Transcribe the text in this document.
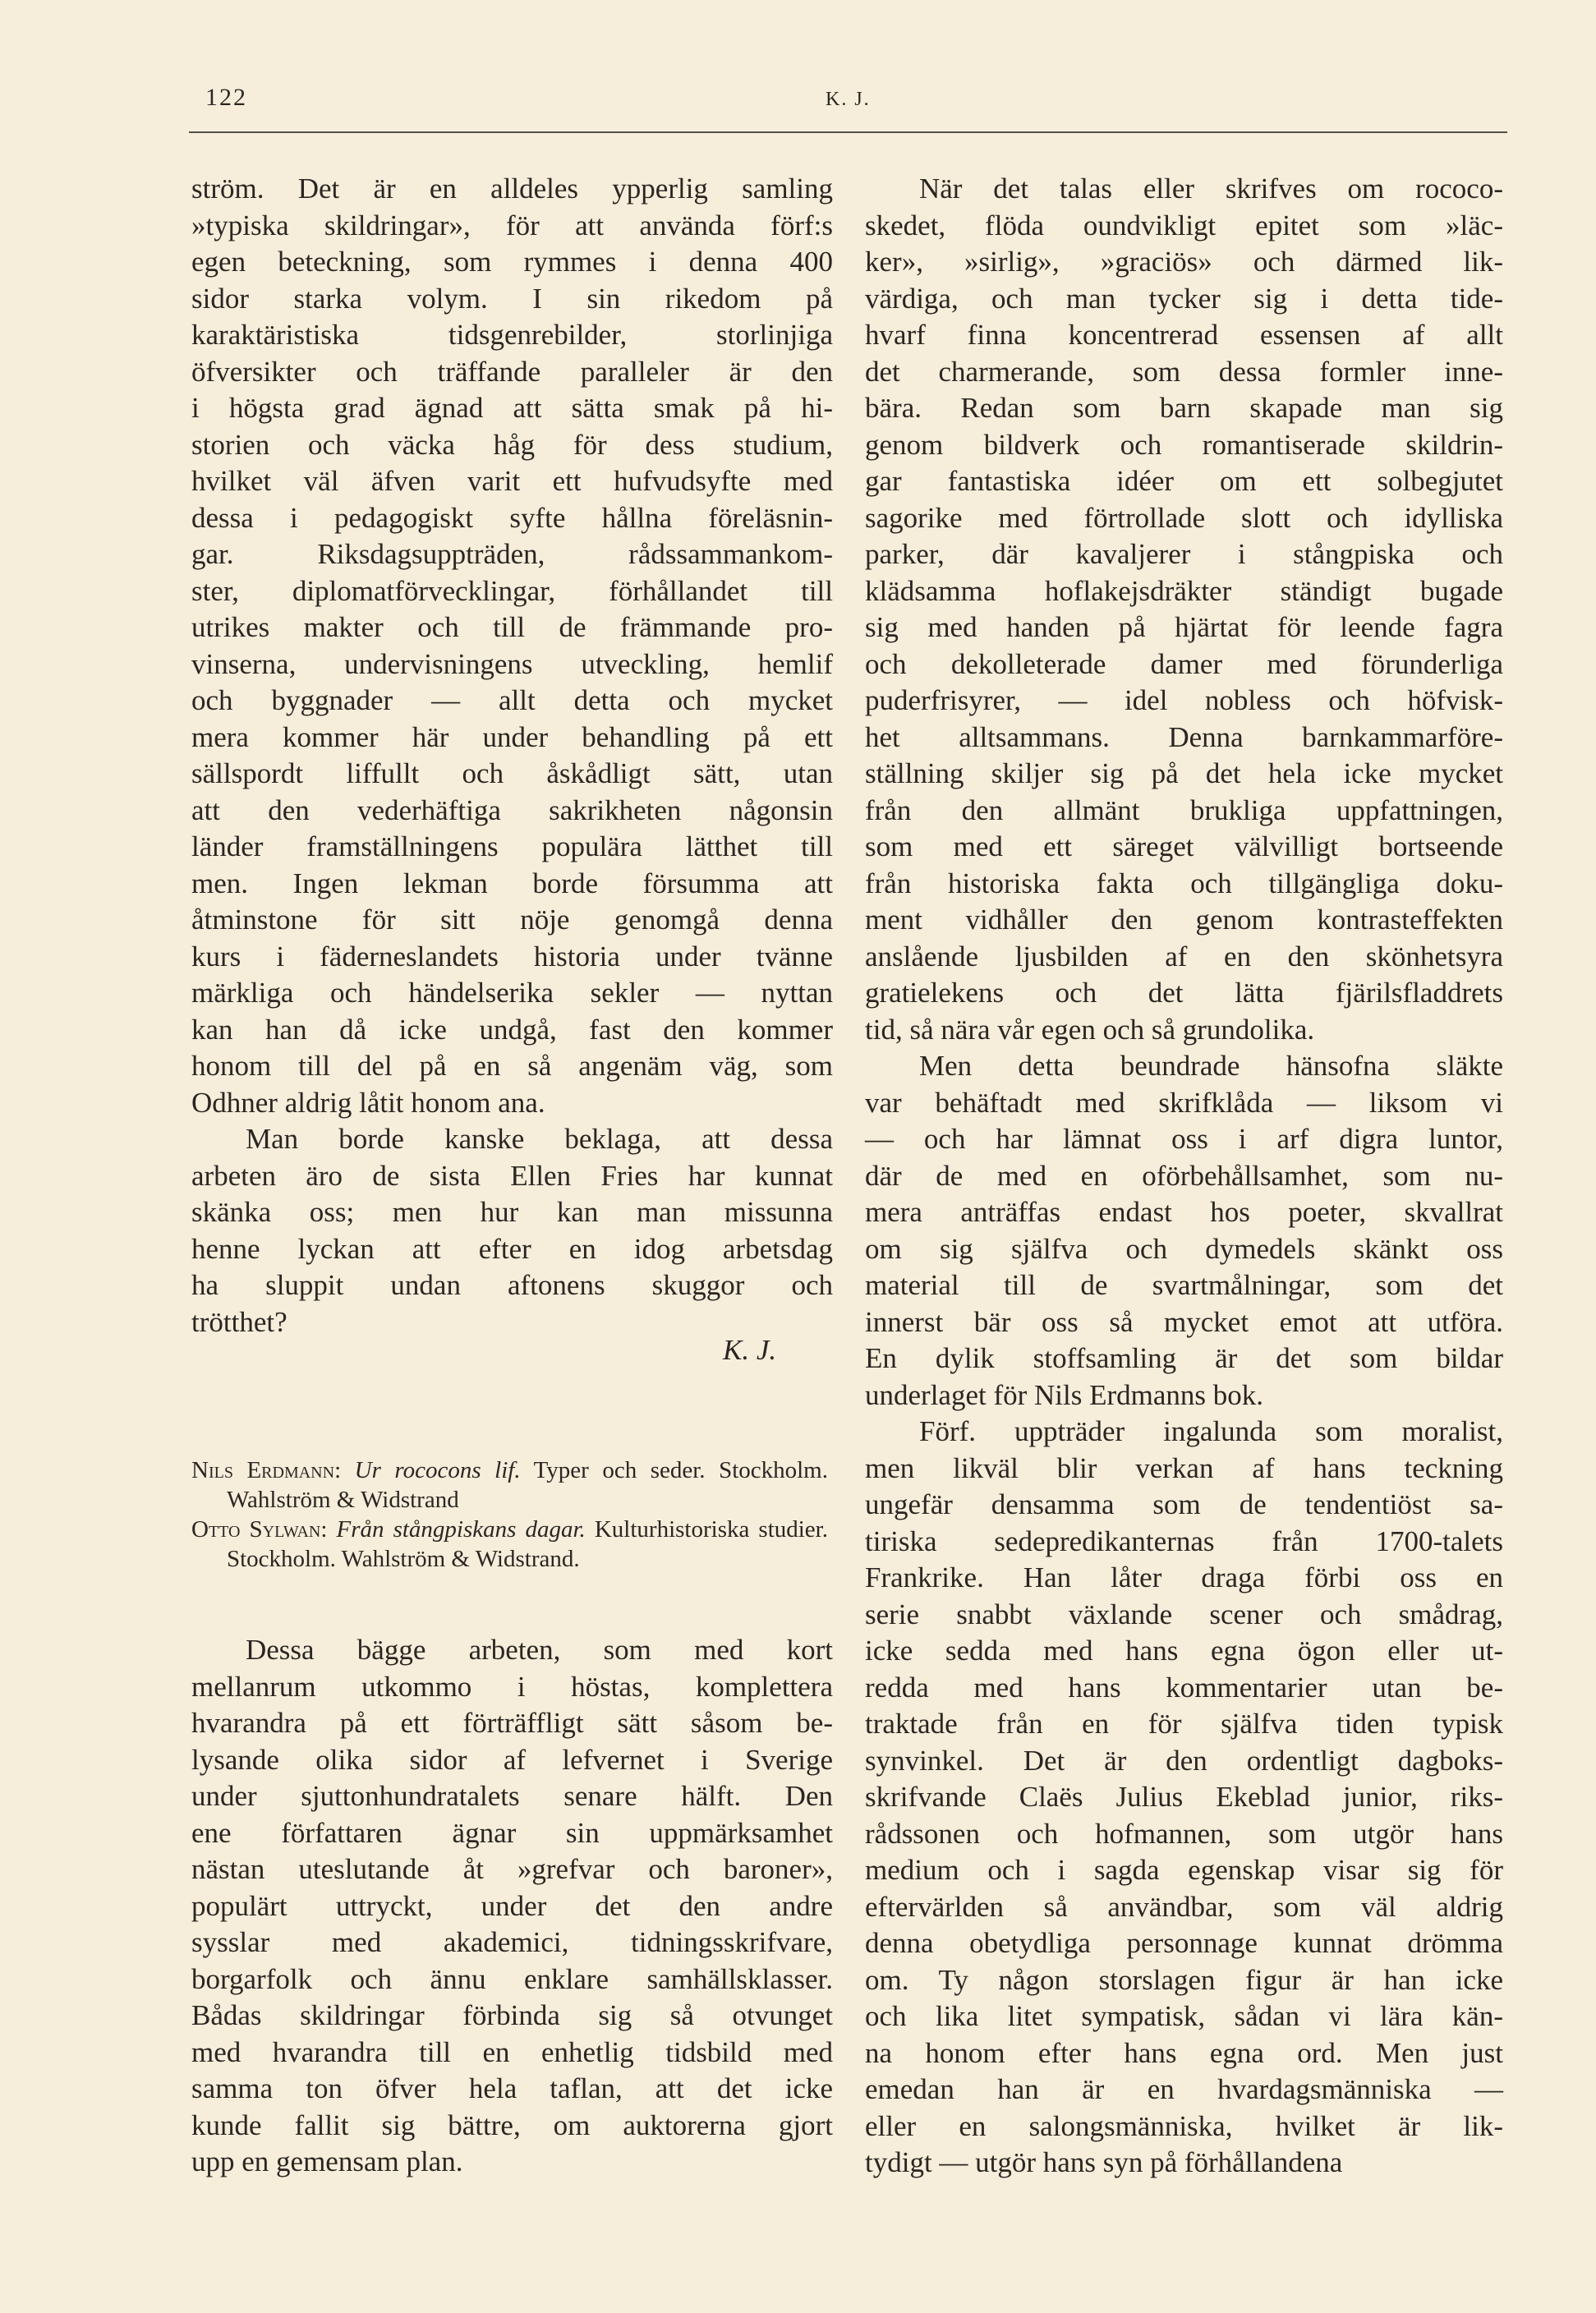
122	K. J.
ström. Det är en alldeles ypperlig samling
»typiska skildringar», för att använda förf:s
egen beteckning, som rymmes i denna 400
sidor starka volym. I sin rikedom på
karaktäristiska tidsgenrebilder, storlinjiga
öfversikter och träffande paralleler är den
i högsta grad ägnad att sätta smak på hi-
storien och väcka håg för dess studium,
hvilket väl äfven varit ett hufvudsyfte med
dessa i pedagogiskt syfte hållna föreläsnin-
gar. Riksdagsuppträden, rådssammankom-
ster, diplomatförvecklingar, förhållandet till
utrikes makter och till de främmande pro-
vinserna, undervisningens utveckling, hemlif
och byggnader — allt detta och mycket
mera kommer här under behandling på ett
sällspordt liffullt och åskådligt sätt, utan
att den vederhäftiga sakrikheten någonsin
länder framställningens populära lätthet till
men. Ingen lekman borde försumma att
åtminstone för sitt nöje genomgå denna
kurs i fäderneslandets historia under tvänne
märkliga och händelserika sekler — nyttan
kan han då icke undgå, fast den kommer
honom till del på en så angenäm väg, som
Odhner aldrig låtit honom ana.
Man borde kanske beklaga, att dessa
arbeten äro de sista Ellen Fries har kunnat
skänka oss; men hur kan man missunna
henne lyckan att efter en idog arbetsdag
ha sluppit undan aftonens skuggor och
trötthet?
K. J.
Nils Erdmann: Ur rococons lif. Typer och seder. Stockholm. Wahlström & Widstrand
Otto Sylwan: Från stångpiskans dagar. Kulturhistoriska studier. Stockholm. Wahlström & Widstrand.
Dessa bägge arbeten, som med kort
mellanrum utkommo i höstas, komplettera
hvarandra på ett förträffligt sätt såsom be-
lysande olika sidor af lefvernet i Sverige
under sjuttonhundratalets senare hälft. Den
ene författaren ägnar sin uppmärksamhet
nästan uteslutande åt »grefvar och baroner»,
populärt uttryckt, under det den andre
sysslar med akademici, tidningsskrifvare,
borgarfolk och ännu enklare samhällsklasser.
Bådas skildringar förbinda sig så otvunget
med hvarandra till en enhetlig tidsbild med
samma ton öfver hela taflan, att det icke
kunde fallit sig bättre, om auktorerna gjort
upp en gemensam plan.
När det talas eller skrifves om rococo-
skedet, flöda oundvikligt epitet som »läc-
ker», »sirlig», »graciös» och därmed lik-
värdiga, och man tycker sig i detta tide-
hvarf finna koncentrerad essensen af allt
det charmerande, som dessa formler inne-
bära. Redan som barn skapade man sig
genom bildverk och romantiserade skildrin-
gar fantastiska idéer om ett solbegjutet
sagorike med förtrollade slott och idylliska
parker, där kavaljerer i stångpiska och
klädsamma hoflakejsdräkter ständigt bugade
sig med handen på hjärtat för leende fagra
och dekolleterade damer med förunderliga
puderfrisyrer, — idel nobless och höfvisk-
het alltsammans. Denna barnkammarföre-
ställning skiljer sig på det hela icke mycket
från den allmänt brukliga uppfattningen,
som med ett säreget välvilligt bortseende
från historiska fakta och tillgängliga doku-
ment vidhåller den genom kontrasteffekten
anslående ljusbilden af en den skönhetsyra
gratielekens och det lätta fjärilsfladdrets
tid, så nära vår egen och så grundolika.
Men detta beundrade hänsofna släkte
var behäftadt med skrifklåda — liksom vi
— och har lämnat oss i arf digra luntor,
där de med en oförbehållsamhet, som nu-
mera anträffas endast hos poeter, skvallrat
om sig själfva och dymedels skänkt oss
material till de svartmålningar, som det
innerst bär oss så mycket emot att utföra.
En dylik stoffsamling är det som bildar
underlaget för Nils Erdmanns bok.
Förf. uppträder ingalunda som moralist,
men likväl blir verkan af hans teckning
ungefär densamma som de tendentiöst sa-
tiriska sedepredikanternas från 1700-talets
Frankrike. Han låter draga förbi oss en
serie snabbt växlande scener och smådrag,
icke sedda med hans egna ögon eller ut-
redda med hans kommentarier utan be-
traktade från en för själfva tiden typisk
synvinkel. Det är den ordentligt dagboks-
skrifvande Claës Julius Ekeblad junior, riks-
rådssonen och hofmannen, som utgör hans
medium och i sagda egenskap visar sig för
eftervärlden så användbar, som väl aldrig
denna obetydliga personnage kunnat drömma
om. Ty någon storslagen figur är han icke
och lika litet sympatisk, sådan vi lära kän-
na honom efter hans egna ord. Men just
emedan han är en hvardagsmänniska —
eller en salongsmänniska, hvilket är lik-
tydigt — utgör hans syn på förhållandena
